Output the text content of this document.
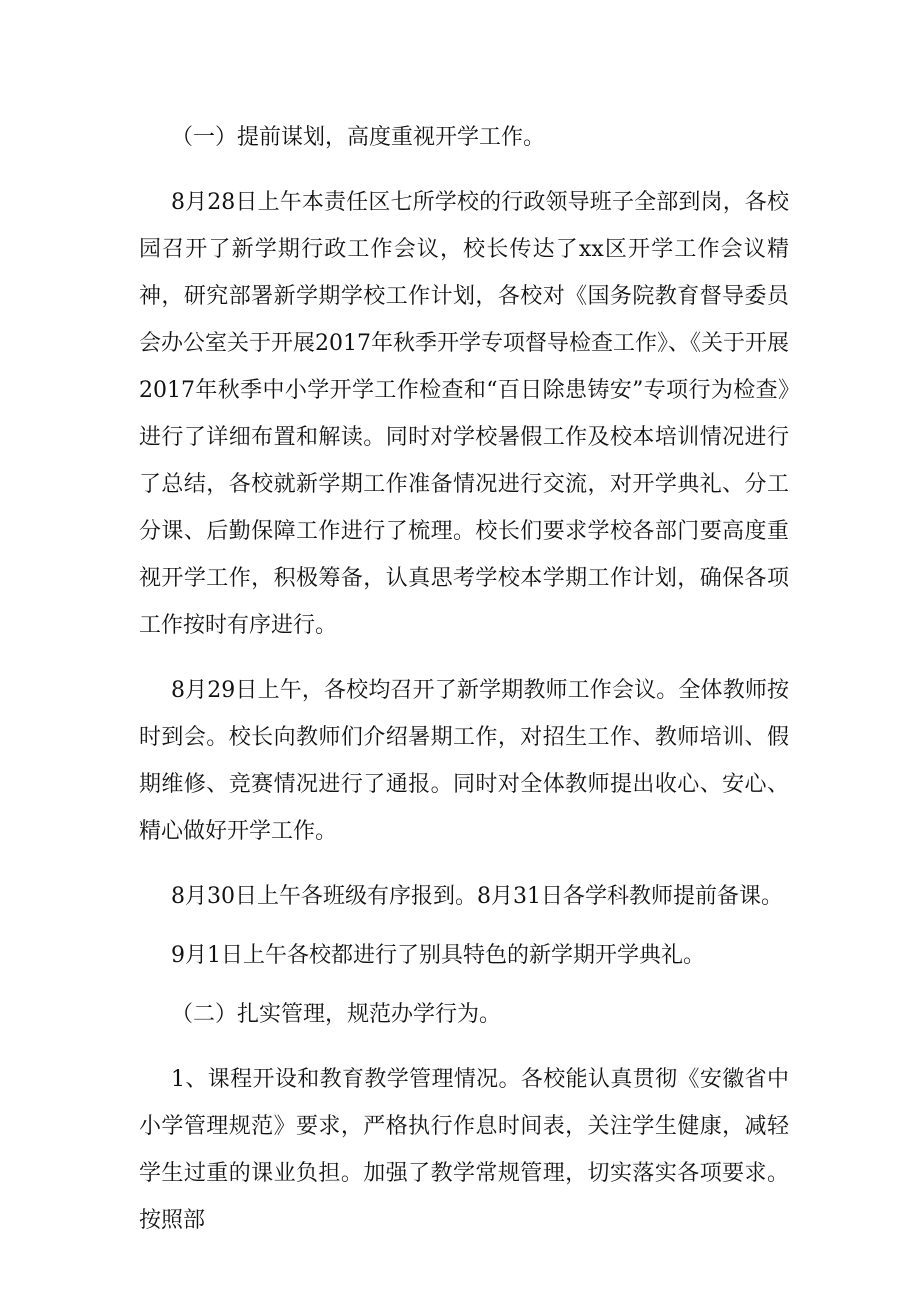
（一）提前谋划，高度重视开学工作。

8月28日上午本责任区七所学校的行政领导班子全部到岗，各校园召开了新学期行政工作会议，校长传达了xx区开学工作会议精神，研究部署新学期学校工作计划，各校对《国务院教育督导委员会办公室关于开展2017年秋季开学专项督导检查工作》、《关于开展2017年秋季中小学开学工作检查和“百日除患铸安”专项行为检查》进行了详细布置和解读。同时对学校暑假工作及校本培训情况进行了总结，各校就新学期工作准备情况进行交流，对开学典礼、分工分课、后勤保障工作进行了梳理。校长们要求学校各部门要高度重视开学工作，积极筹备，认真思考学校本学期工作计划，确保各项工作按时有序进行。

8月29日上午，各校均召开了新学期教师工作会议。全体教师按时到会。校长向教师们介绍暑期工作，对招生工作、教师培训、假期维修、竞赛情况进行了通报。同时对全体教师提出收心、安心、精心做好开学工作。

8月30日上午各班级有序报到。8月31日各学科教师提前备课。

9月1日上午各校都进行了别具特色的新学期开学典礼。

（二）扎实管理，规范办学行为。

1、课程开设和教育教学管理情况。各校能认真贯彻《安徽省中小学管理规范》要求，严格执行作息时间表，关注学生健康，减轻学生过重的课业负担。加强了教学常规管理，切实落实各项要求。按照部
